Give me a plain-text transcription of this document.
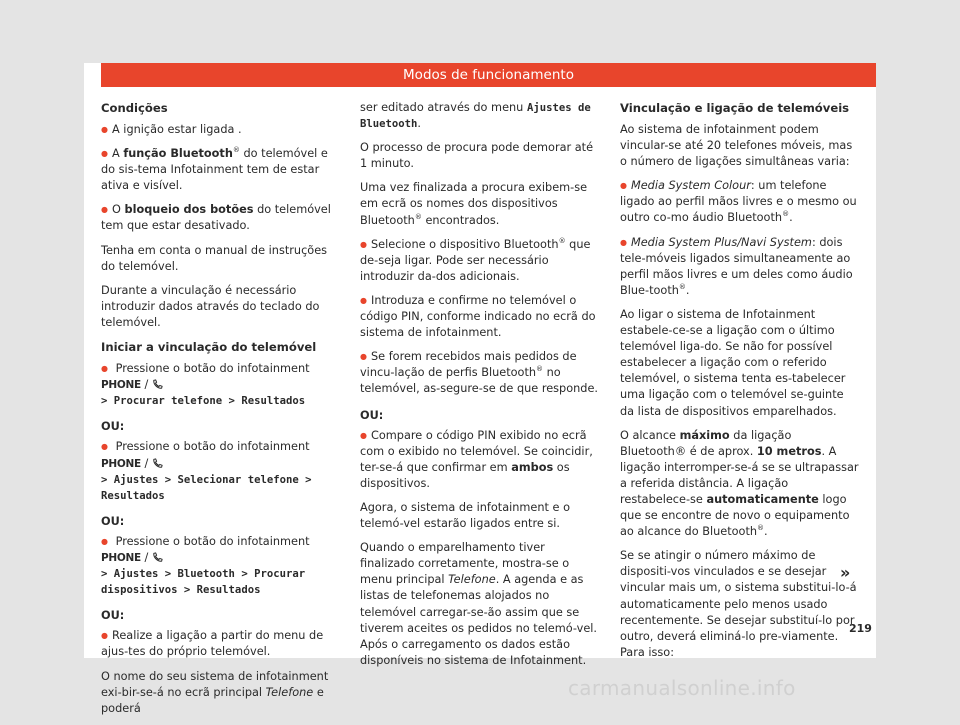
Modos de funcionamento
Condições

● A ignição estar ligada .

● A função Bluetooth® do telemóvel e do sis-tema Infotainment tem de estar ativa e visível.

● O bloqueio dos botões do telemóvel tem que estar desativado.

Tenha em conta o manual de instruções do telemóvel.

Durante a vinculação é necessário introduzir dados através do teclado do telemóvel.

Iniciar a vinculação do telemóvel

● Pressione o botão do infotainment PHONE /
> Procurar telefone > Resultados

OU:

● Pressione o botão do infotainment PHONE /
> Ajustes > Selecionar telefone > Resultados

OU:

● Pressione o botão do infotainment PHONE /
> Ajustes > Bluetooth > Procurar dispositivos > Resultados

OU:

● Realize a ligação a partir do menu de ajus-tes do próprio telemóvel.

O nome do seu sistema de infotainment exi-bir-se-á no ecrã principal Telefone e poderá

ser editado através do menu Ajustes de Bluetooth.

O processo de procura pode demorar até 1 minuto.

Uma vez finalizada a procura exibem-se em ecrã os nomes dos dispositivos Bluetooth® encontrados.

● Selecione o dispositivo Bluetooth® que de-seja ligar. Pode ser necessário introduzir da-dos adicionais.

● Introduza e confirme no telemóvel o código PIN, conforme indicado no ecrã do sistema de infotainment.

● Se forem recebidos mais pedidos de vincu-lação de perfis Bluetooth® no telemóvel, as-segure-se de que responde.

OU:

● Compare o código PIN exibido no ecrã com o exibido no telemóvel. Se coincidir, ter-se-á que confirmar em ambos os dispositivos.

Agora, o sistema de infotainment e o telemó-vel estarão ligados entre si.

Quando o emparelhamento tiver finalizado corretamente, mostra-se o menu principal Telefone. A agenda e as listas de telefonemas alojados no telemóvel carregar-se-ão assim que se tiverem aceites os pedidos no telemó-vel. Após o carregamento os dados estão disponíveis no sistema de Infotainment.

Vinculação e ligação de telemóveis

Ao sistema de infotainment podem vincular-se até 20 telefones móveis, mas o número de ligações simultâneas varia:

● Media System Colour: um telefone ligado ao perfil mãos livres e o mesmo ou outro co-mo áudio Bluetooth®.

● Media System Plus/Navi System: dois tele-móveis ligados simultaneamente ao perfil mãos livres e um deles como áudio Blue-tooth®.

Ao ligar o sistema de Infotainment estabele-ce-se a ligação com o último telemóvel liga-do. Se não for possível estabelecer a ligação com o referido telemóvel, o sistema tenta es-tabelecer uma ligação com o telemóvel se-guinte da lista de dispositivos emparelhados.

O alcance máximo da ligação Bluetooth® é de aprox. 10 metros. A ligação interromper-se-á se se ultrapassar a referida distância. A ligação restabelece-se automaticamente logo que se encontre de novo o equipamento ao alcance do Bluetooth®.

Se se atingir o número máximo de dispositi-vos vinculados e se desejar vincular mais um, o sistema substitui-lo-á automaticamente pelo menos usado recentemente. Se desejar substituí-lo por outro, deverá eliminá-lo pre-viamente. Para isso:

»
219
carmanualsonline.info
